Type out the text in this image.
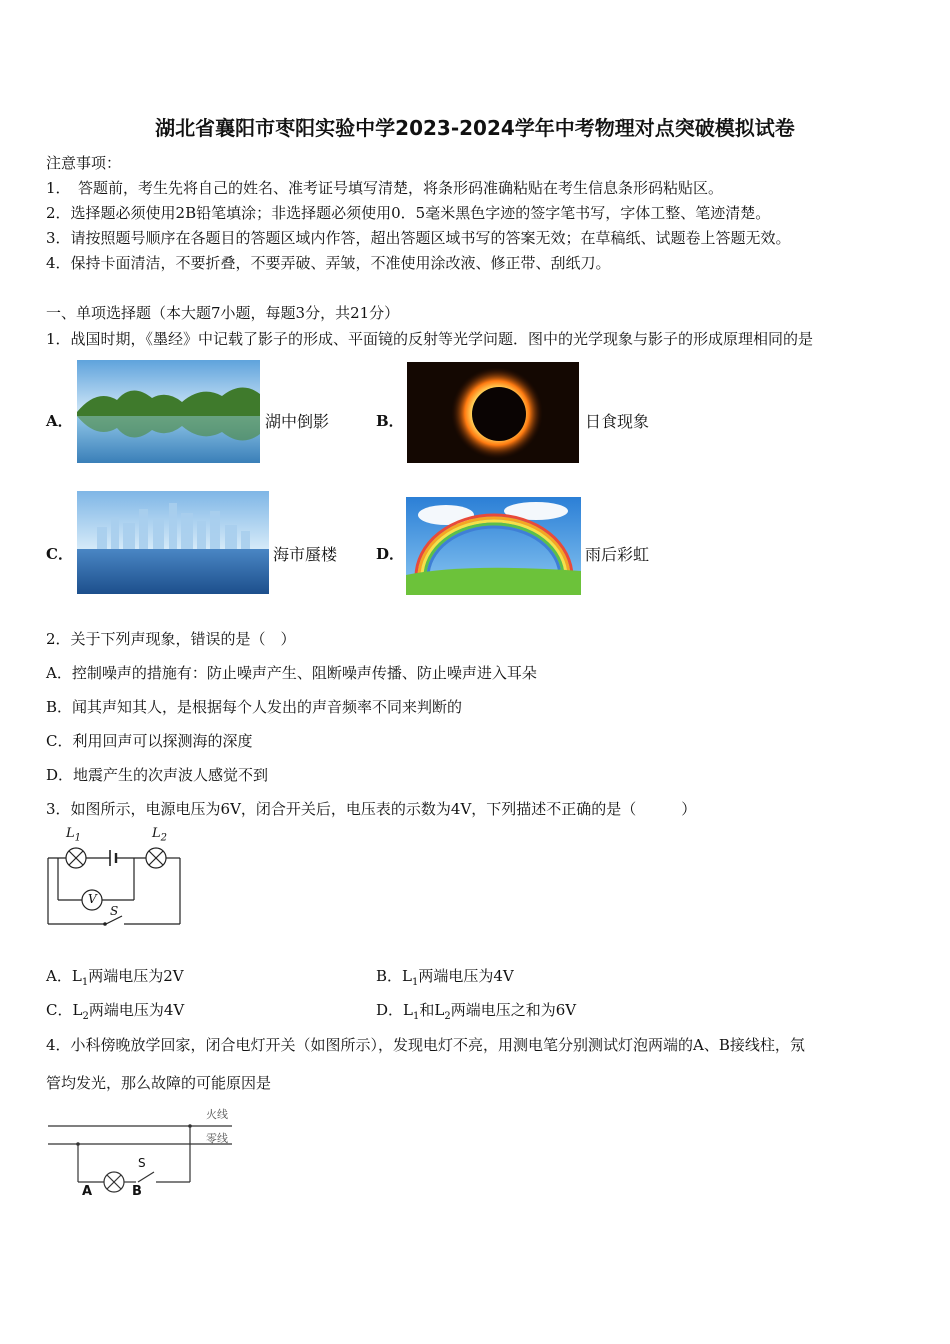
湖北省襄阳市枣阳实验中学2023-2024学年中考物理对点突破模拟试卷
注意事项：
1．　答题前，考生先将自己的姓名、准考证号填写清楚，将条形码准确粘贴在考生信息条形码粘贴区。
2．选择题必须使用2B铅笔填涂；非选择题必须使用0．5毫米黑色字迹的签字笔书写，字体工整、笔迹清楚。
3．请按照题号顺序在各题目的答题区域内作答，超出答题区域书写的答案无效；在草稿纸、试题卷上答题无效。
4．保持卡面清洁，不要折叠，不要弄破、弄皱，不准使用涂改液、修正带、刮纸刀。
一、单项选择题（本大题7小题，每题3分，共21分）
1．战国时期，《墨经》中记载了影子的形成、平面镜的反射等光学问题．图中的光学现象与影子的形成原理相同的是
A．	湖中倒影	B．	日食现象
C．	海市蜃楼	D．	雨后彩虹
2．关于下列声现象，错误的是（　）
A．控制噪声的措施有：防止噪声产生、阻断噪声传播、防止噪声进入耳朵
B．闻其声知其人，是根据每个人发出的声音频率不同来判断的
C．利用回声可以探测海的深度
D．地震产生的次声波人感觉不到
3．如图所示，电源电压为6V，闭合开关后，电压表的示数为4V，下列描述不正确的是（　　　）
$L_1$	$L_2$
V
S
A．$L_1$两端电压为2V	B．$L_1$两端电压为4V
C．$L_2$两端电压为4V	D．$L_1$和$L_2$两端电压之和为6V
4．小科傍晚放学回家，闭合电灯开关（如图所示），发现电灯不亮，用测电笔分别测试灯泡两端的A、B接线柱，氖
管均发光，那么故障的可能原因是
火线
零线
A	B
S
